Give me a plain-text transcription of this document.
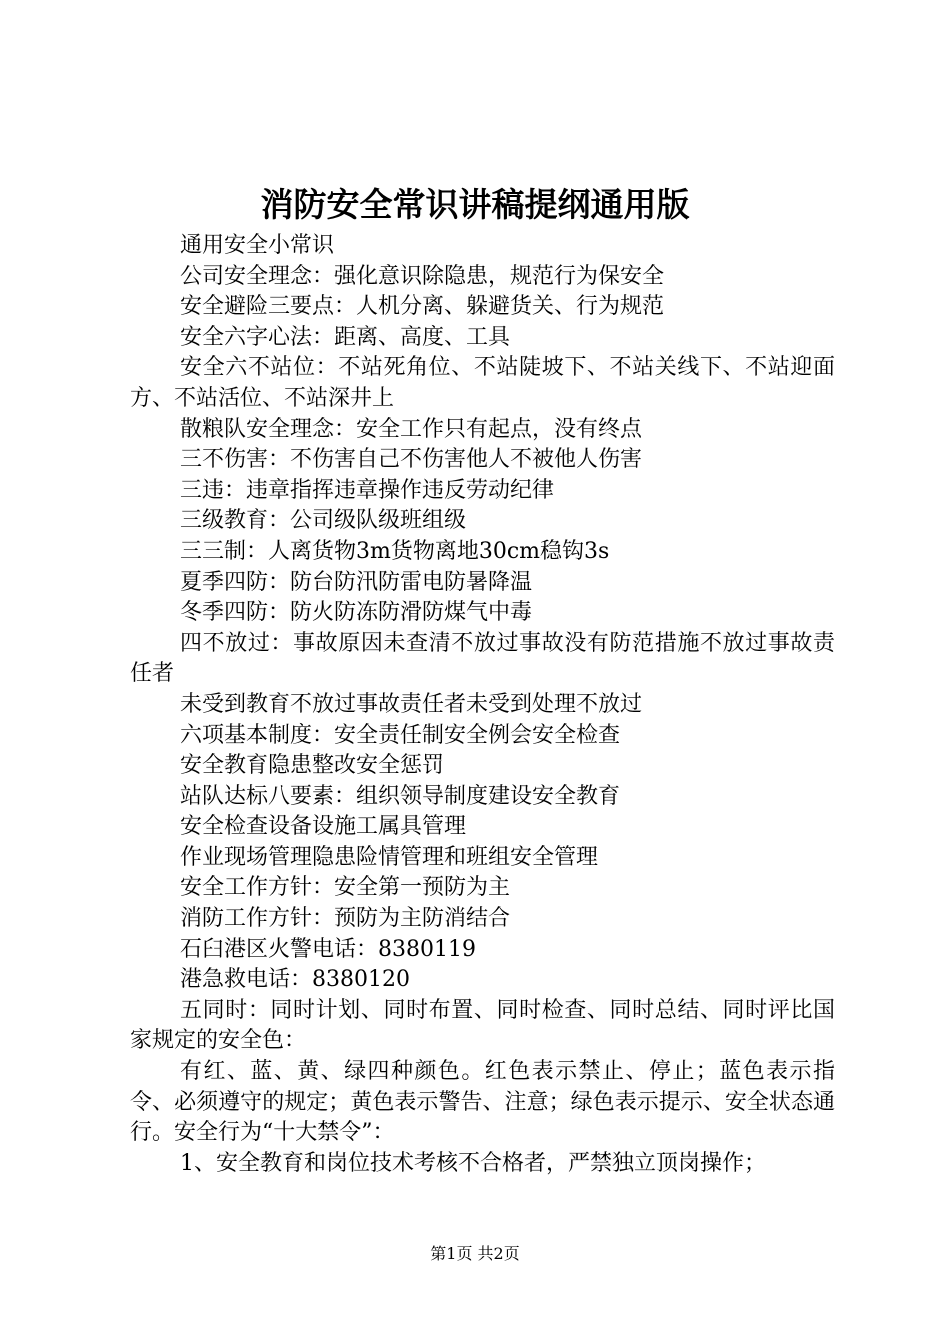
消防安全常识讲稿提纲通用版

通用安全小常识

公司安全理念：强化意识除隐患，规范行为保安全

安全避险三要点：人机分离、躲避货关、行为规范

安全六字心法：距离、高度、工具

安全六不站位：不站死角位、不站陡坡下、不站关线下、不站迎面方、不站活位、不站深井上

散粮队安全理念：安全工作只有起点，没有终点

三不伤害：不伤害自己不伤害他人不被他人伤害

三违：违章指挥违章操作违反劳动纪律

三级教育：公司级队级班组级

三三制：人离货物3m货物离地30cm稳钩3s

夏季四防：防台防汛防雷电防暑降温

冬季四防：防火防冻防滑防煤气中毒

四不放过：事故原因未查清不放过事故没有防范措施不放过事故责任者

未受到教育不放过事故责任者未受到处理不放过

六项基本制度：安全责任制安全例会安全检查

安全教育隐患整改安全惩罚

站队达标八要素：组织领导制度建设安全教育

安全检查设备设施工属具管理

作业现场管理隐患险情管理和班组安全管理

安全工作方针：安全第一预防为主

消防工作方针：预防为主防消结合

石臼港区火警电话：8380119

港急救电话：8380120

五同时：同时计划、同时布置、同时检查、同时总结、同时评比国家规定的安全色：

有红、蓝、黄、绿四种颜色。红色表示禁止、停止；蓝色表示指令、必须遵守的规定；黄色表示警告、注意；绿色表示提示、安全状态通行。安全行为“十大禁令”：

1、安全教育和岗位技术考核不合格者，严禁独立顶岗操作；

第1页 共2页
